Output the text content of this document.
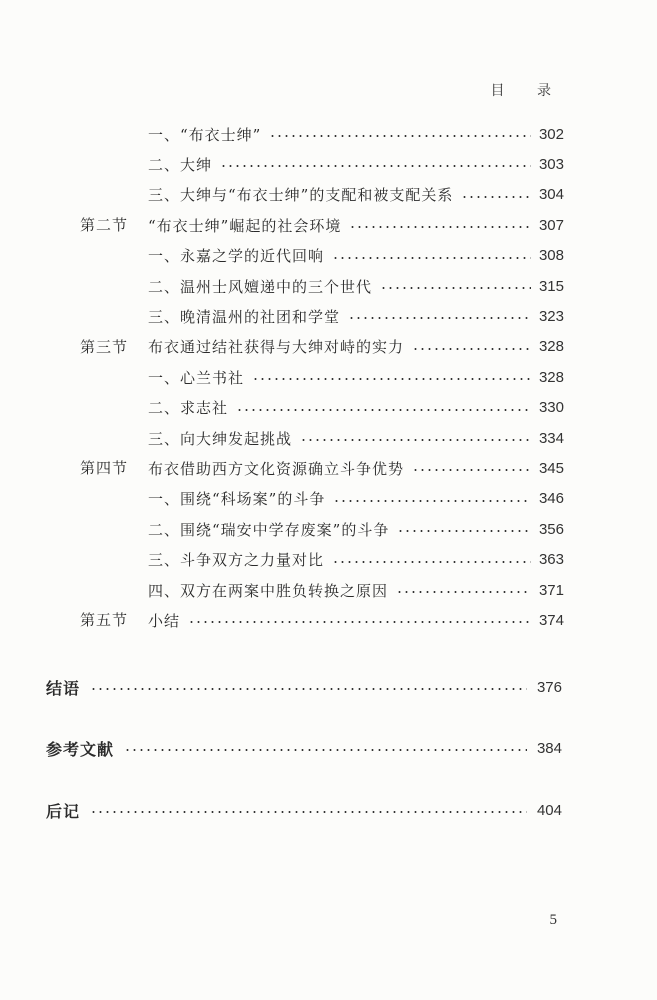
目 录
一、“布衣士绅”	302
二、大绅	303
三、大绅与“布衣士绅”的支配和被支配关系	304
第二节 “布衣士绅”崛起的社会环境	307
一、永嘉之学的近代回响	308
二、温州士风嬗递中的三个世代	315
三、晚清温州的社团和学堂	323
第三节 布衣通过结社获得与大绅对峙的实力	328
一、心兰书社	328
二、求志社	330
三、向大绅发起挑战	334
第四节 布衣借助西方文化资源确立斗争优势	345
一、围绕“科场案”的斗争	346
二、围绕“瑞安中学存废案”的斗争	356
三、斗争双方之力量对比	363
四、双方在两案中胜负转换之原因	371
第五节 小结	374
结语	376
参考文献	384
后记	404
5
